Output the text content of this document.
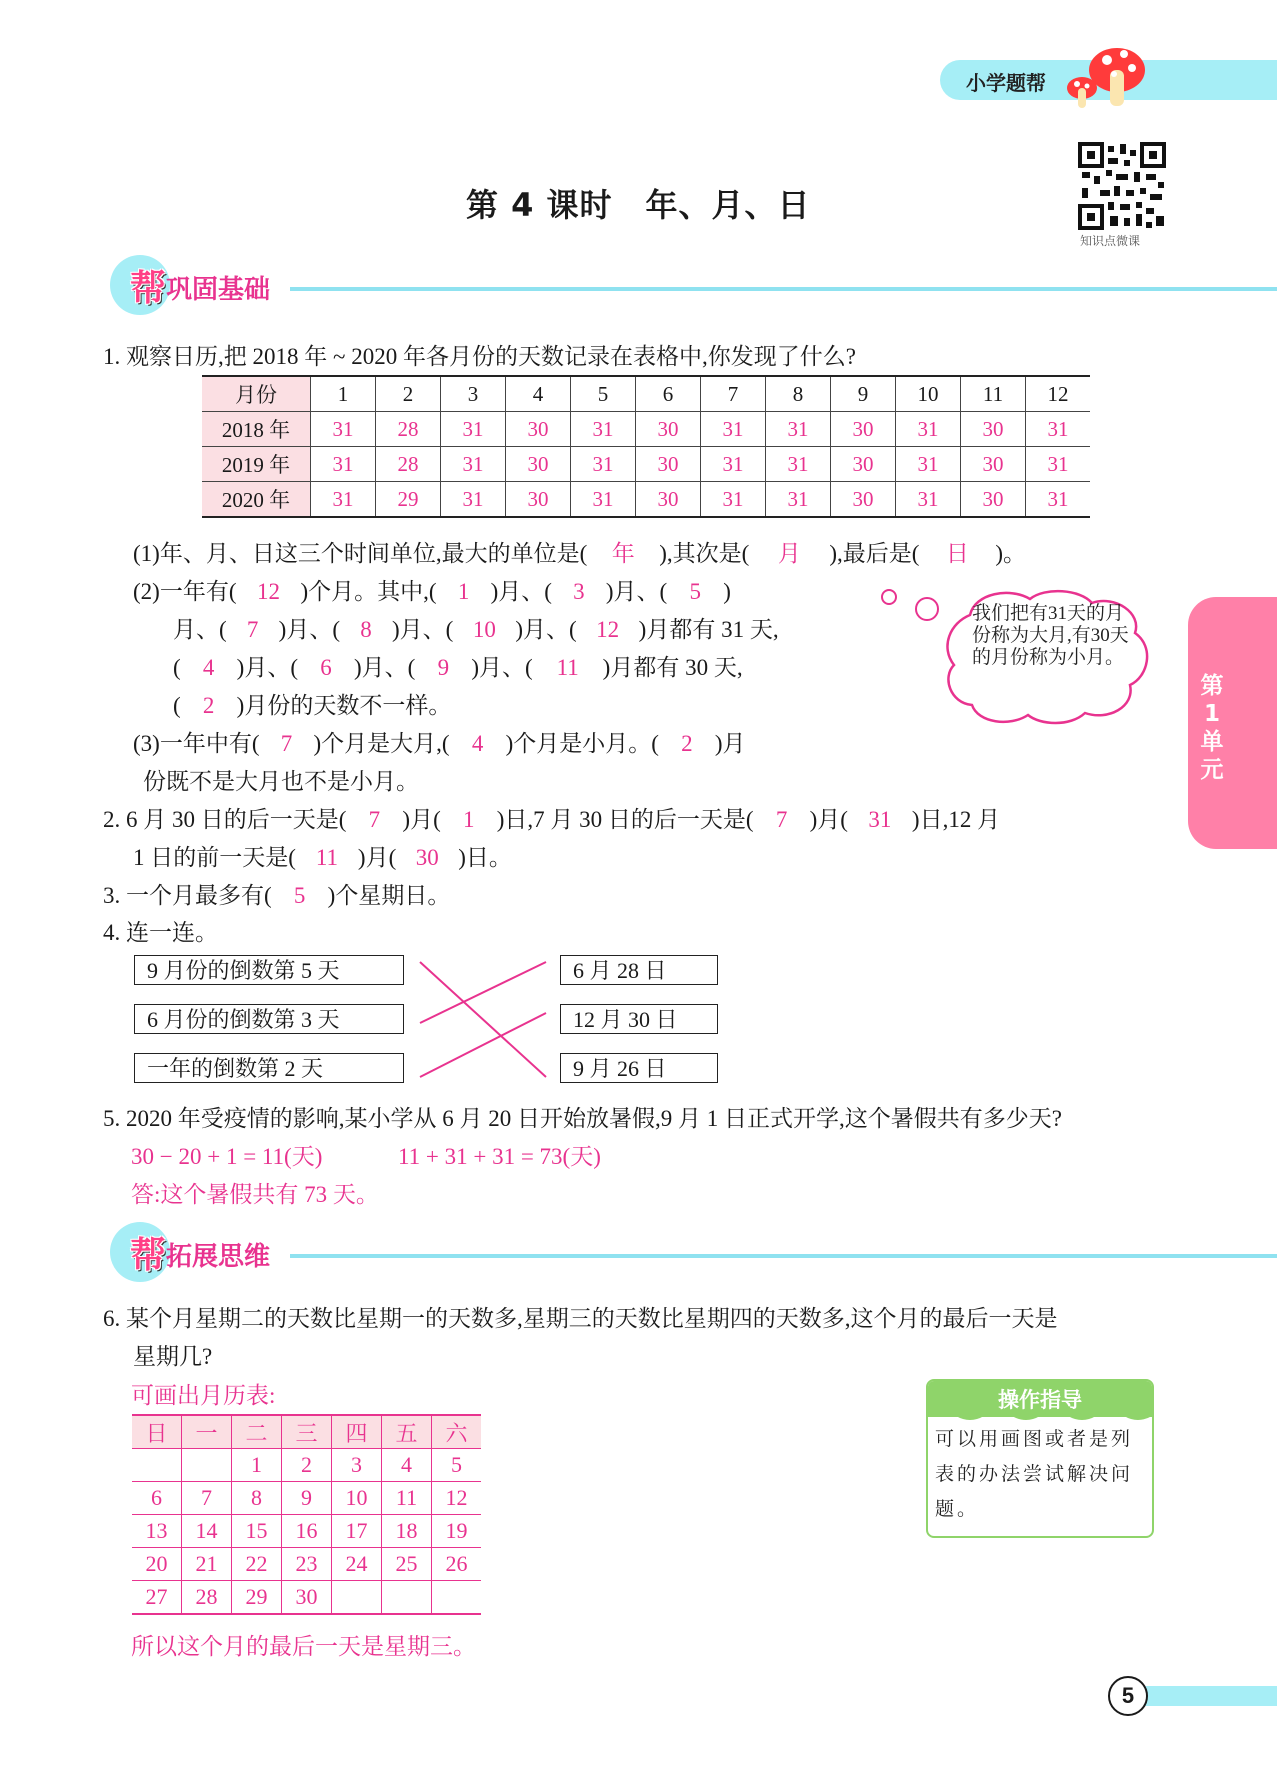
小学题帮
第 4 课时　年、月、日
知识点微课
第1单元
帮 巩固基础
1. 观察日历,把 2018 年 ~ 2020 年各月份的天数记录在表格中,你发现了什么?
月份	1	2	3	4	5	6	7	8	9	10	11	12
2018 年	31	28	31	30	31	30	31	31	30	31	30	31
2019 年	31	28	31	30	31	30	31	31	30	31	30	31
2020 年	31	29	31	30	31	30	31	31	30	31	30	31
(1)年、月、日这三个时间单位,最大的单位是( 年 ),其次是( 月 ),最后是( 日 )。
(2)一年有( 12 )个月。其中,( 1 )月、( 3 )月、( 5 )
月、( 7 )月、( 8 )月、( 10 )月、( 12 )月都有 31 天,
( 4 )月、( 6 )月、( 9 )月、( 11 )月都有 30 天,
( 2 )月份的天数不一样。
(3)一年中有( 7 )个月是大月,( 4 )个月是小月。( 2 )月
份既不是大月也不是小月。
我们把有31天的月份称为大月,有30天的月份称为小月。
2. 6 月 30 日的后一天是( 7 )月( 1 )日,7 月 30 日的后一天是( 7 )月( 31 )日,12 月
1 日的前一天是( 11 )月( 30 )日。
3. 一个月最多有( 5 )个星期日。
4. 连一连。
9 月份的倒数第 5 天
6 月份的倒数第 3 天
一年的倒数第 2 天
6 月 28 日
12 月 30 日
9 月 26 日
5. 2020 年受疫情的影响,某小学从 6 月 20 日开始放暑假,9 月 1 日正式开学,这个暑假共有多少天?
30 − 20 + 1 = 11(天)	11 + 31 + 31 = 73(天)
答:这个暑假共有 73 天。
帮 拓展思维
6. 某个月星期二的天数比星期一的天数多,星期三的天数比星期四的天数多,这个月的最后一天是
星期几?
可画出月历表:
日	一	二	三	四	五	六
		1	2	3	4	5
6	7	8	9	10	11	12
13	14	15	16	17	18	19
20	21	22	23	24	25	26
27	28	29	30			
所以这个月的最后一天是星期三。
操作指导
可以用画图或者是列表的办法尝试解决问题。
5
